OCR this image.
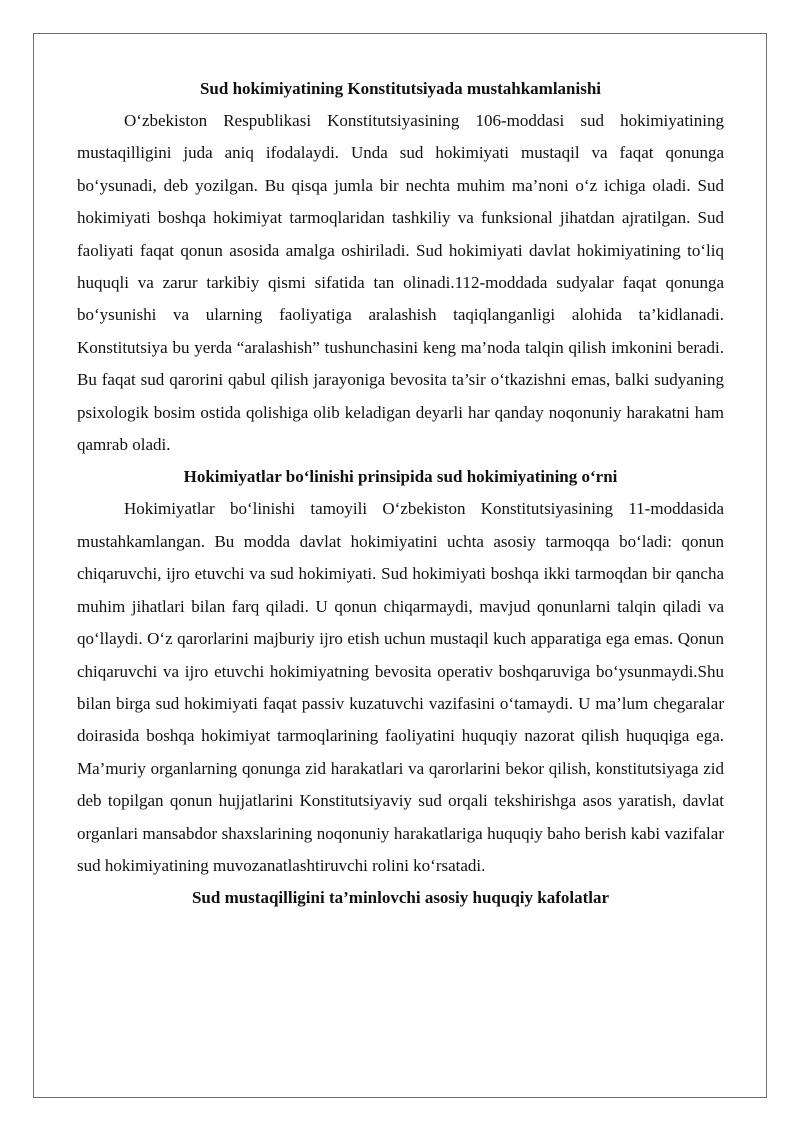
Sud hokimiyatining Konstitutsiyada mustahkamlanishi

O‘zbekiston Respublikasi Konstitutsiyasining 106-moddasi sud hokimiyatining mustaqilligini juda aniq ifodalaydi. Unda sud hokimiyati mustaqil va faqat qonunga bo‘ysunadi, deb yozilgan. Bu qisqa jumla bir nechta muhim ma’noni o‘z ichiga oladi. Sud hokimiyati boshqa hokimiyat tarmoqlaridan tashkiliy va funksional jihatdan ajratilgan. Sud faoliyati faqat qonun asosida amalga oshiriladi. Sud hokimiyati davlat hokimiyatining to‘liq huquqli va zarur tarkibiy qismi sifatida tan olinadi.112-moddada sudyalar faqat qonunga bo‘ysunishi va ularning faoliyatiga aralashish taqiqlanganligi alohida ta’kidlanadi. Konstitutsiya bu yerda “aralashish” tushunchasini keng ma’noda talqin qilish imkonini beradi. Bu faqat sud qarorini qabul qilish jarayoniga bevosita ta’sir o‘tkazishni emas, balki sudyaning psixologik bosim ostida qolishiga olib keladigan deyarli har qanday noqonuniy harakatni ham qamrab oladi.

Hokimiyatlar bo‘linishi prinsipida sud hokimiyatining o‘rni

Hokimiyatlar bo‘linishi tamoyili O‘zbekiston Konstitutsiyasining 11-moddasida mustahkamlangan. Bu modda davlat hokimiyatini uchta asosiy tarmoqqa bo‘ladi: qonun chiqaruvchi, ijro etuvchi va sud hokimiyati. Sud hokimiyati boshqa ikki tarmoqdan bir qancha muhim jihatlari bilan farq qiladi. U qonun chiqarmaydi, mavjud qonunlarni talqin qiladi va qo‘llaydi. O‘z qarorlarini majburiy ijro etish uchun mustaqil kuch apparatiga ega emas. Qonun chiqaruvchi va ijro etuvchi hokimiyatning bevosita operativ boshqaruviga bo‘ysunmaydi.Shu bilan birga sud hokimiyati faqat passiv kuzatuvchi vazifasini o‘tamaydi. U ma’lum chegaralar doirasida boshqa hokimiyat tarmoqlarining faoliyatini huquqiy nazorat qilish huquqiga ega. Ma’muriy organlarning qonunga zid harakatlari va qarorlarini bekor qilish, konstitutsiyaga zid deb topilgan qonun hujjatlarini Konstitutsiyaviy sud orqali tekshirishga asos yaratish, davlat organlari mansabdor shaxslarining noqonuniy harakatlariga huquqiy baho berish kabi vazifalar sud hokimiyatining muvozanatlashtiruvchi rolini ko‘rsatadi.

Sud mustaqilligini ta’minlovchi asosiy huquqiy kafolatlar
